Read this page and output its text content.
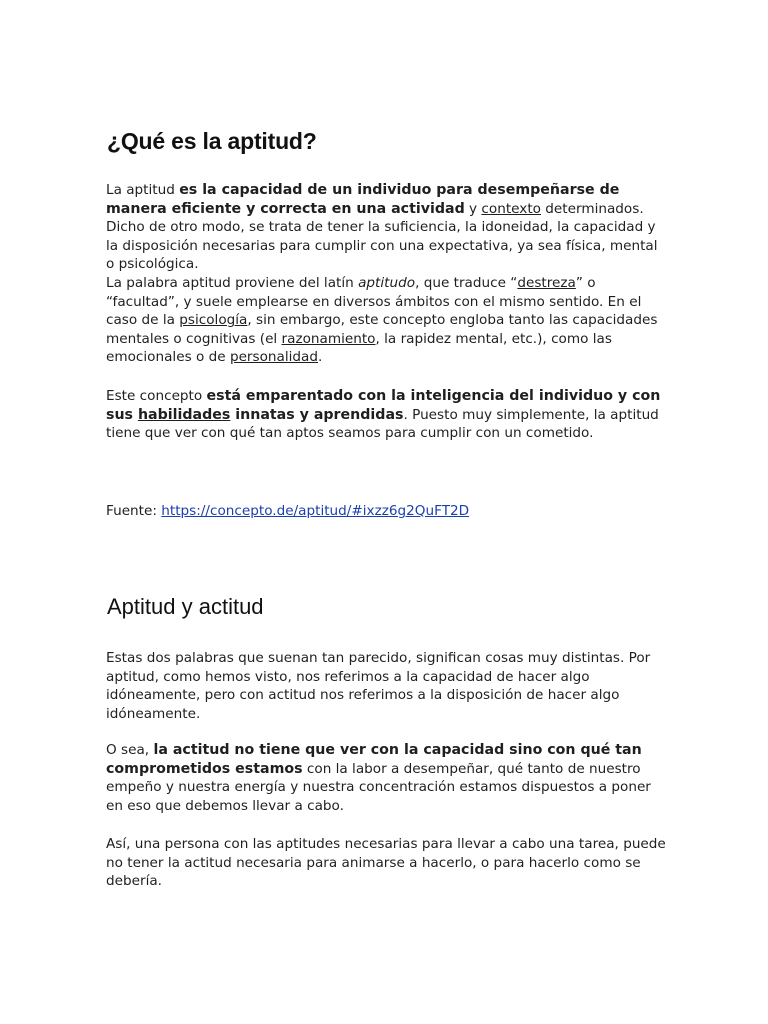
¿Qué es la aptitud?

La aptitud es la capacidad de un individuo para desempeñarse de manera eficiente y correcta en una actividad y contexto determinados. Dicho de otro modo, se trata de tener la suficiencia, la idoneidad, la capacidad y la disposición necesarias para cumplir con una expectativa, ya sea física, mental o psicológica.

La palabra aptitud proviene del latín aptitudo, que traduce “destreza” o “facultad”, y suele emplearse en diversos ámbitos con el mismo sentido. En el caso de la psicología, sin embargo, este concepto engloba tanto las capacidades mentales o cognitivas (el razonamiento, la rapidez mental, etc.), como las emocionales o de personalidad.

Este concepto está emparentado con la inteligencia del individuo y con sus habilidades innatas y aprendidas. Puesto muy simplemente, la aptitud tiene que ver con qué tan aptos seamos para cumplir con un cometido.

Fuente: https://concepto.de/aptitud/#ixzz6g2QuFT2D

Aptitud y actitud

Estas dos palabras que suenan tan parecido, significan cosas muy distintas. Por aptitud, como hemos visto, nos referimos a la capacidad de hacer algo idóneamente, pero con actitud nos referimos a la disposición de hacer algo idóneamente.

O sea, la actitud no tiene que ver con la capacidad sino con qué tan comprometidos estamos con la labor a desempeñar, qué tanto de nuestro empeño y nuestra energía y nuestra concentración estamos dispuestos a poner en eso que debemos llevar a cabo.

Así, una persona con las aptitudes necesarias para llevar a cabo una tarea, puede no tener la actitud necesaria para animarse a hacerlo, o para hacerlo como se debería.
